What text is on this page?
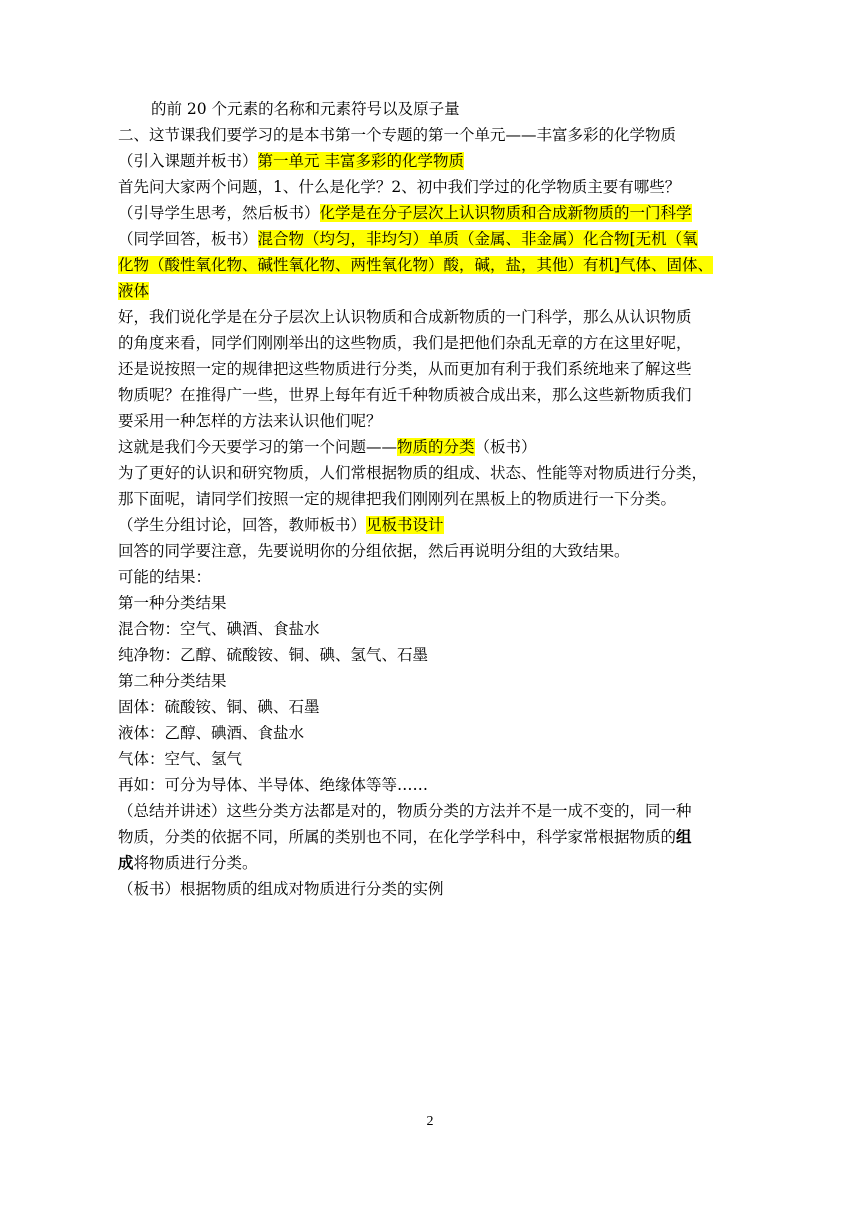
的前 20 个元素的名称和元素符号以及原子量
二、这节课我们要学习的是本书第一个专题的第一个单元——丰富多彩的化学物质
（引入课题并板书）第一单元 丰富多彩的化学物质
首先问大家两个问题，1、什么是化学？2、初中我们学过的化学物质主要有哪些？
（引导学生思考，然后板书）化学是在分子层次上认识物质和合成新物质的一门科学
（同学回答，板书）混合物（均匀，非均匀）单质（金属、非金属）化合物[无机（氧
化物（酸性氧化物、碱性氧化物、两性氧化物）酸，碱，盐，其他）有机]气体、固体、
液体
好，我们说化学是在分子层次上认识物质和合成新物质的一门科学，那么从认识物质
的角度来看，同学们刚刚举出的这些物质，我们是把他们杂乱无章的方在这里好呢，
还是说按照一定的规律把这些物质进行分类，从而更加有利于我们系统地来了解这些
物质呢？在推得广一些，世界上每年有近千种物质被合成出来，那么这些新物质我们
要采用一种怎样的方法来认识他们呢？
这就是我们今天要学习的第一个问题——物质的分类（板书）
为了更好的认识和研究物质，人们常根据物质的组成、状态、性能等对物质进行分类，
那下面呢，请同学们按照一定的规律把我们刚刚列在黑板上的物质进行一下分类。
（学生分组讨论，回答，教师板书）见板书设计
回答的同学要注意，先要说明你的分组依据，然后再说明分组的大致结果。
可能的结果：
第一种分类结果
混合物：空气、碘酒、食盐水
纯净物：乙醇、硫酸铵、铜、碘、氢气、石墨
第二种分类结果
固体：硫酸铵、铜、碘、石墨
液体：乙醇、碘酒、食盐水
气体：空气、氢气
再如：可分为导体、半导体、绝缘体等等……
（总结并讲述）这些分类方法都是对的，物质分类的方法并不是一成不变的，同一种
物质，分类的依据不同，所属的类别也不同，在化学学科中，科学家常根据物质的组
成将物质进行分类。
（板书）根据物质的组成对物质进行分类的实例
2
